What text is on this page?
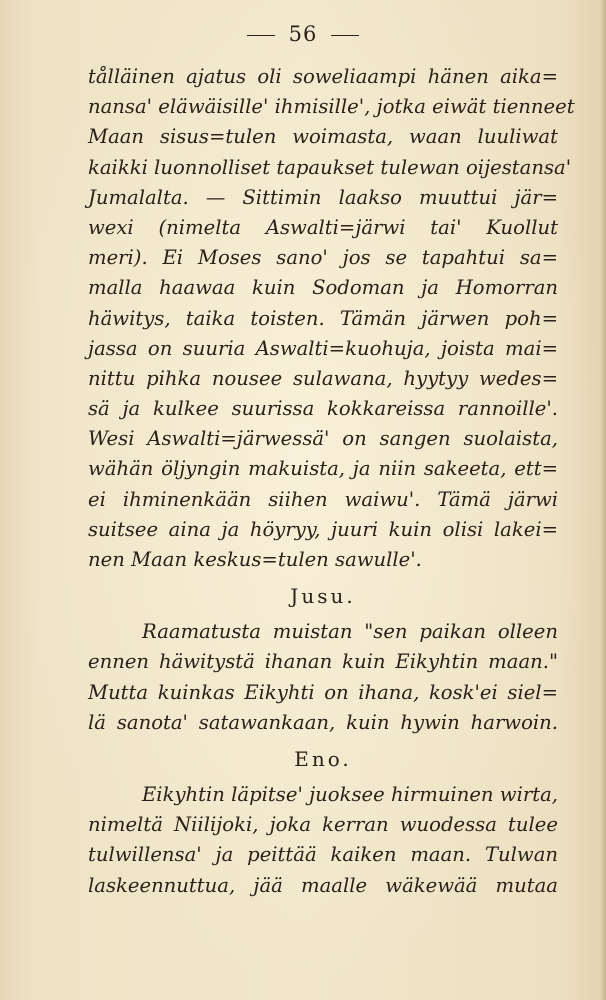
56
tålläinen ajatus oli soweliaampi hänen aika=
nansa' eläwäisille' ihmisille', jotka eiwät tienneet
Maan sisus=tulen woimasta, waan luuliwat
kaikki luonnolliset tapaukset tulewan oijestansa'
Jumalalta. — Sittimin laakso muuttui jär=
wexi (nimelta Aswalti=järwi tai' Kuollut
meri). Ei Moses sano' jos se tapahtui sa=
malla haawaa kuin Sodoman ja Homorran
häwitys, taika toisten. Tämän järwen poh=
jassa on suuria Aswalti=kuohuja, joista mai=
nittu pihka nousee sulawana, hyytyy wedes=
sä ja kulkee suurissa kokkareissa rannoille'.
Wesi Aswalti=järwessä' on sangen suolaista,
wähän öljyngin makuista, ja niin sakeeta, ett=
ei ihminenkään siihen waiwu'. Tämä järwi
suitsee aina ja höyryy, juuri kuin olisi lakei=
nen Maan keskus=tulen sawulle'.
Jusu.
Raamatusta muistan "sen paikan olleen
ennen häwitystä ihanan kuin Eikyhtin maan."
Mutta kuinkas Eikyhti on ihana, kosk'ei siel=
lä sanota' satawankaan, kuin hywin harwoin.
Eno.
Eikyhtin läpitse' juoksee hirmuinen wirta,
nimeltä Niilijoki, joka kerran wuodessa tulee
tulwillensa' ja peittää kaiken maan. Tulwan
laskeennuttua, jää maalle wäkewää mutaa
